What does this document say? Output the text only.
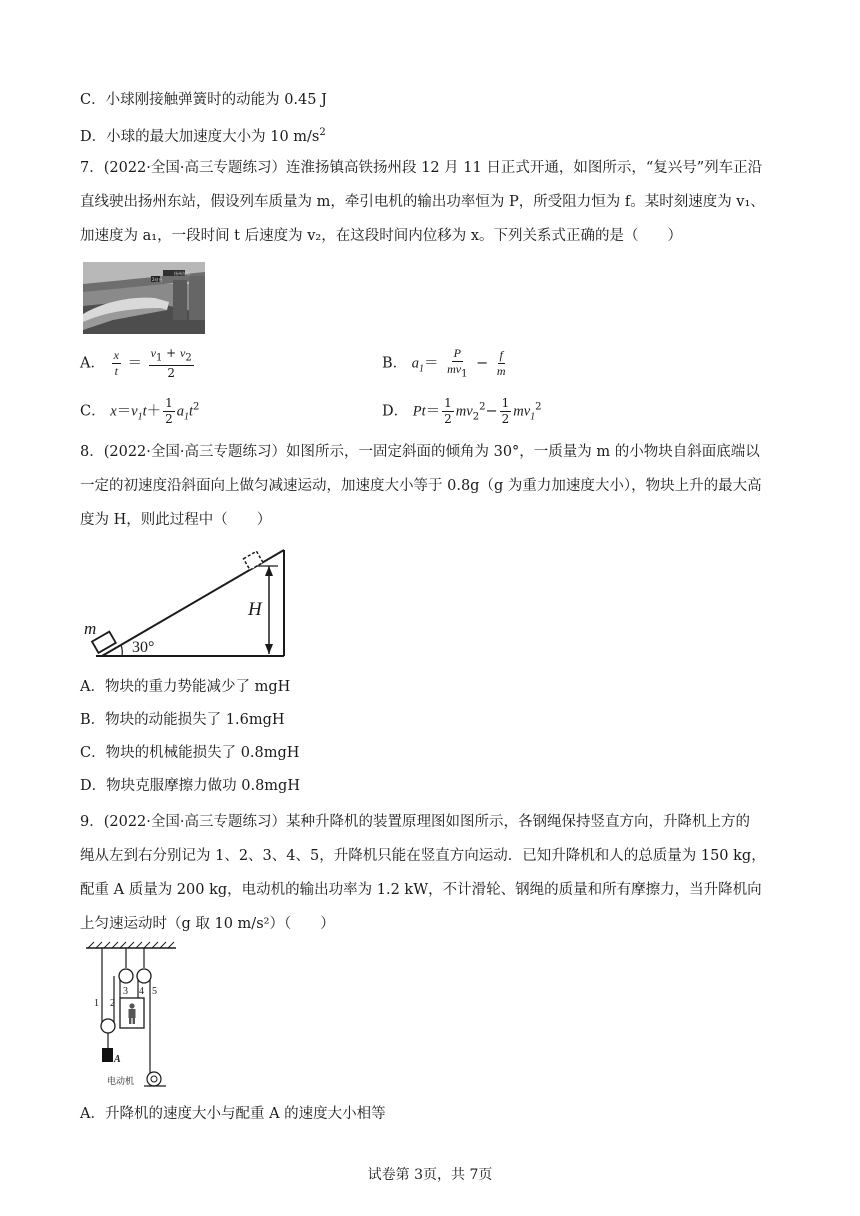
C．小球刚接触弹簧时的动能为 0.45 J
D．小球的最大加速度大小为 10 $m/s^2$
7．(2022·全国·高三专题练习）连淮扬镇高铁扬州段 12 月 11 日正式开通，如图所示，“复兴号”列车正沿
直线驶出扬州东站，假设列车质量为 m，牵引电机的输出功率恒为 P，所受阻力恒为 f。某时刻速度为 v₁、
加速度为 a₁，一段时间 t 后速度为 v₂，在这段时间内位移为 x。下列关系式正确的是（　　）
扬州东站
2站台
A． $\frac{x}{t} = \frac{v_1 + v_2}{2}$	B． $a_1= \frac{P}{mv_1} - \frac{f}{m}$
C． $x=v_1t+ \frac{1}{2} a_1t^2$	D． $Pt= \frac{1}{2} mv_2^2- \frac{1}{2} mv_1^2$
8．(2022·全国·高三专题练习）如图所示，一固定斜面的倾角为 30°，一质量为 m 的小物块自斜面底端以
一定的初速度沿斜面向上做匀减速运动，加速度大小等于 0.8g（g 为重力加速度大小），物块上升的最大高
度为 H，则此过程中（　　）
m
30°
H
A．物块的重力势能减少了 mgH
B．物块的动能损失了 1.6mgH
C．物块的机械能损失了 0.8mgH
D．物块克服摩擦力做功 0.8mgH
9．(2022·全国·高三专题练习）某种升降机的装置原理图如图所示，各钢绳保持竖直方向，升降机上方的
绳从左到右分别记为 1、2、3、4、5，升降机只能在竖直方向运动．已知升降机和人的总质量为 150 kg，
配重 A 质量为 200 kg，电动机的输出功率为 1.2 kW，不计滑轮、钢绳的质量和所有摩擦力，当升降机向
上匀速运动时（g 取 10 m/s²）（　　）
1 2
3 4 5
A
电动机
A．升降机的速度大小与配重 A 的速度大小相等
试卷第 3页，共 7页
